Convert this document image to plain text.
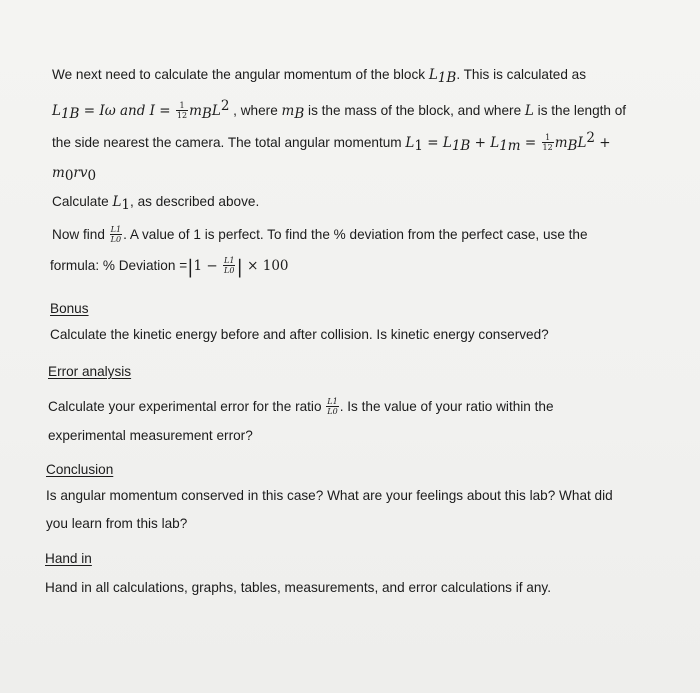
We next need to calculate the angular momentum of the block $L_{1B}$. This is calculated as
$L_{1B} = I\omega$ and $I = \frac{1}{12} m_BL^2$ , where $m_B$ is the mass of the block, and where L is the length of
the side nearest the camera. The total angular momentum $L_1 = L_{1B} + L_{1m} = \frac{1}{12} m_BL^2$ +
$m_0rv_0$
Calculate $L_1$, as described above.
Now find $\frac{L1}{L0}$ . A value of 1 is perfect. To find the % deviation from the perfect case, use the
formula: % Deviation $=|1 - \frac{L1}{L0}$ | × 100
Bonus
Calculate the kinetic energy before and after collision. Is kinetic energy conserved?
Error analysis
Calculate your experimental error for the ratio $\frac{L1}{L0}$ . Is the value of your ratio within the
experimental measurement error?
Conclusion
Is angular momentum conserved in this case? What are your feelings about this lab? What did
you learn from this lab?
Hand in
Hand in all calculations, graphs, tables, measurements, and error calculations if any.
